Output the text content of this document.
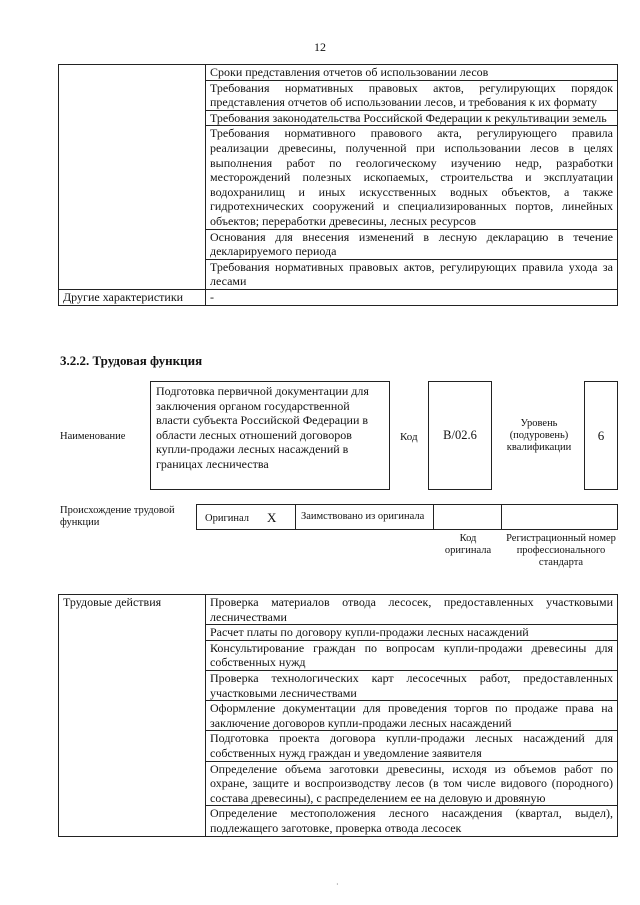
12
	Сроки представления отчетов об использовании лесов
	Требования нормативных правовых актов, регулирующих порядок представления отчетов об использовании лесов, и требования к их формату
	Требования законодательства Российской Федерации к рекультивации земель
	Требования нормативного правового акта, регулирующего правила реализации древесины, полученной при использовании лесов в целях выполнения работ по геологическому изучению недр, разработки месторождений полезных ископаемых, строительства и эксплуатации водохранилищ и иных искусственных водных объектов, а также гидротехнических сооружений и специализированных портов, линейных объектов; переработки древесины, лесных ресурсов
	Основания для внесения изменений в лесную декларацию в течение декларируемого периода
	Требования нормативных правовых актов, регулирующих правила ухода за лесами
Другие характеристики	-
3.2.2. Трудовая функция
Наименование
Подготовка первичной документации для заключения органом государственной власти субъекта Российской Федерации в области лесных отношений договоров купли-продажи лесных насаждений в границах лесничества
Код В/02.6
Уровень (подуровень) квалификации
6
Происхождение трудовой функции	Оригинал X	Заимствовано из оригинала
Код оригинала
Регистрационный номер профессионального стандарта
Трудовые действия	Проверка материалов отвода лесосек, предоставленных участковыми лесничествами
Расчет платы по договору купли-продажи лесных насаждений
Консультирование граждан по вопросам купли-продажи древесины для собственных нужд
Проверка технологических карт лесосечных работ, предоставленных участковыми лесничествами
Оформление документации для проведения торгов по продаже права на заключение договоров купли-продажи лесных насаждений
Подготовка проекта договора купли-продажи лесных насаждений для собственных нужд граждан и уведомление заявителя
Определение объема заготовки древесины, исходя из объемов работ по охране, защите и воспроизводству лесов (в том числе видового (породного) состава древесины), с распределением ее на деловую и дровяную
Определение местоположения лесного насаждения (квартал, выдел), подлежащего заготовке, проверка отвода лесосек
·
